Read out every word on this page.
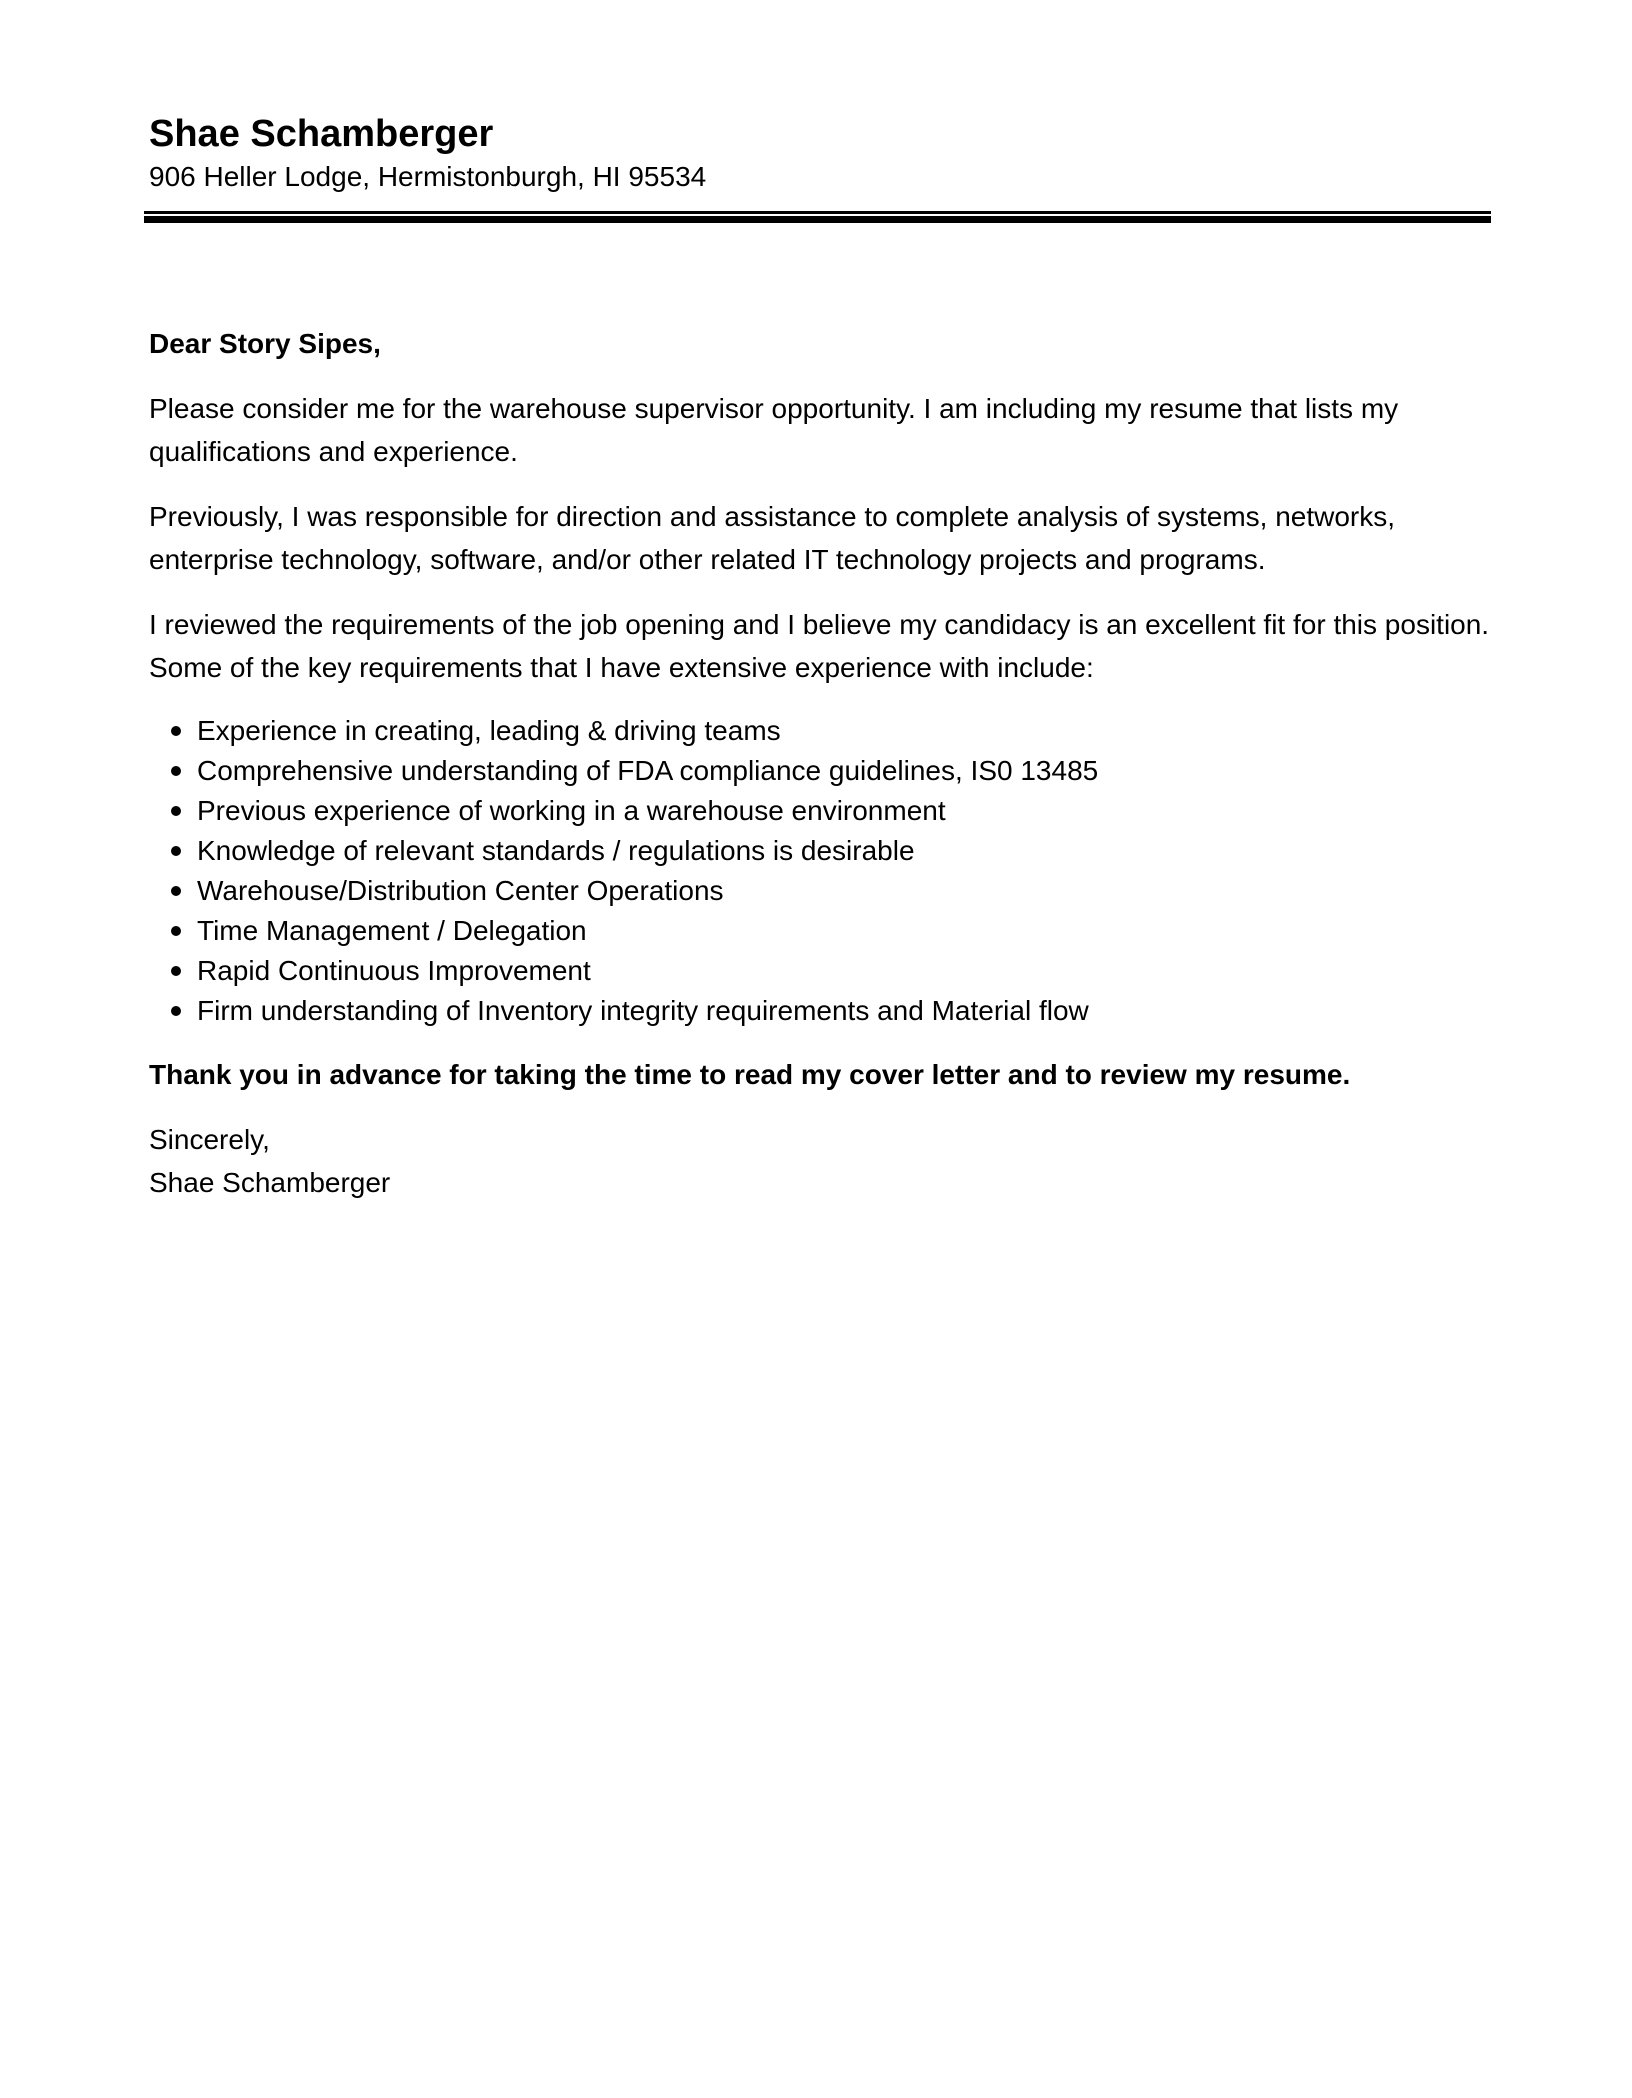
Shae Schamberger

906 Heller Lodge, Hermistonburgh, HI 95534

Dear Story Sipes,

Please consider me for the warehouse supervisor opportunity. I am including my resume that lists my qualifications and experience.

Previously, I was responsible for direction and assistance to complete analysis of systems, networks, enterprise technology, software, and/or other related IT technology projects and programs.

I reviewed the requirements of the job opening and I believe my candidacy is an excellent fit for this position. Some of the key requirements that I have extensive experience with include:

Experience in creating, leading & driving teams
Comprehensive understanding of FDA compliance guidelines, IS0 13485
Previous experience of working in a warehouse environment
Knowledge of relevant standards / regulations is desirable
Warehouse/Distribution Center Operations
Time Management / Delegation
Rapid Continuous Improvement
Firm understanding of Inventory integrity requirements and Material flow

Thank you in advance for taking the time to read my cover letter and to review my resume.

Sincerely,

Shae Schamberger
